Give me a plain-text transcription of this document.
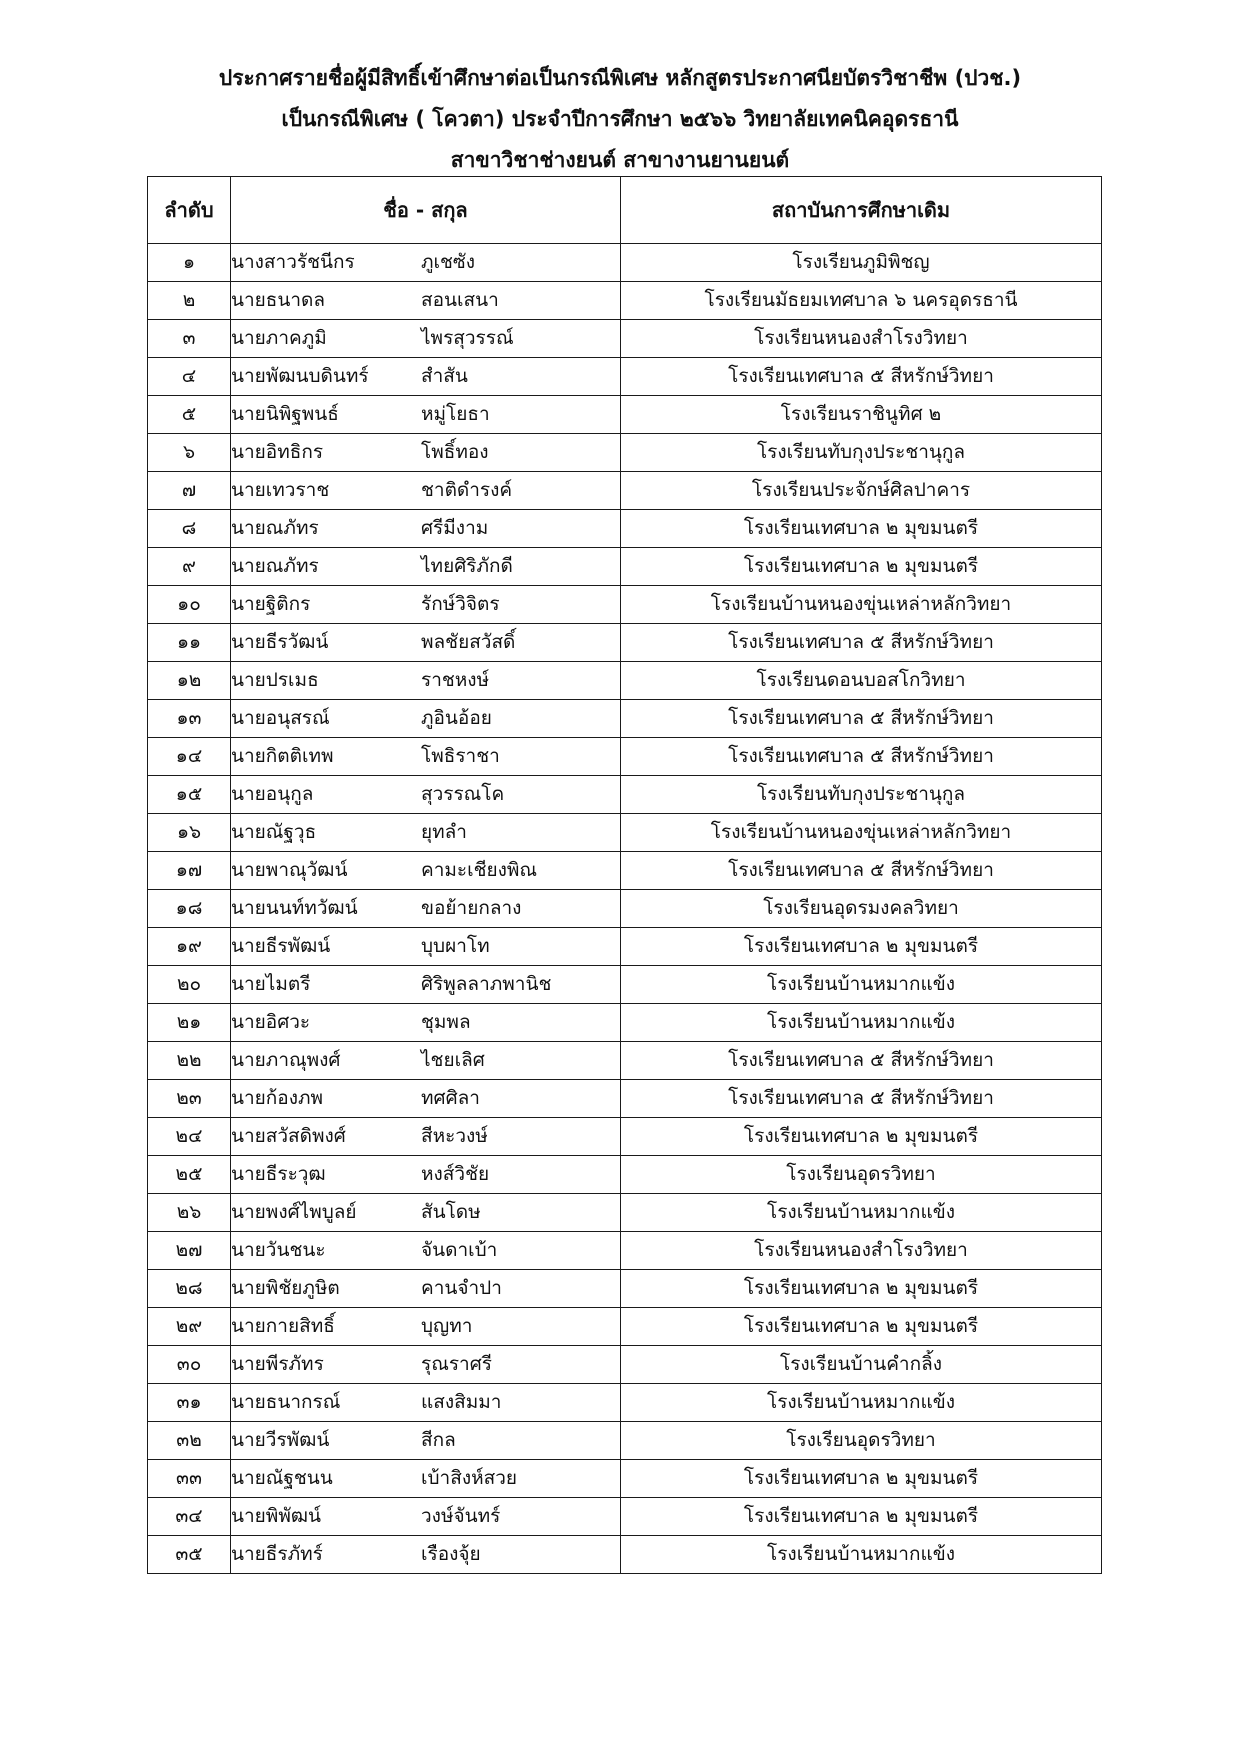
ประกาศรายชื่อผู้มีสิทธิ์เข้าศึกษาต่อเป็นกรณีพิเศษ หลักสูตรประกาศนียบัตรวิชาชีพ (ปวช.)
เป็นกรณีพิเศษ ( โควตา) ประจำปีการศึกษา ๒๕๖๖ วิทยาลัยเทคนิคอุดรธานี
สาขาวิชาช่างยนต์ สาขางานยานยนต์
ลำดับ	ชื่อ - สกุล	สถาบันการศึกษาเดิม
๑	นางสาวรัชนีกร ภูเชซัง	โรงเรียนภูมิพิชญ
๒	นายธนาดล สอนเสนา	โรงเรียนมัธยมเทศบาล ๖ นครอุดรธานี
๓	นายภาคภูมิ ไพรสุวรรณ์	โรงเรียนหนองสำโรงวิทยา
๔	นายพัฒนบดินทร์ สำสัน	โรงเรียนเทศบาล ๕ สีหรักษ์วิทยา
๕	นายนิพิฐพนธ์ หมู่โยธา	โรงเรียนราชินูทิศ ๒
๖	นายอิทธิกร โพธิ์ทอง	โรงเรียนทับกุงประชานุกูล
๗	นายเทวราช ชาติดำรงค์	โรงเรียนประจักษ์ศิลปาคาร
๘	นายณภัทร ศรีมีงาม	โรงเรียนเทศบาล ๒ มุขมนตรี
๙	นายณภัทร ไทยศิริภักดี	โรงเรียนเทศบาล ๒ มุขมนตรี
๑๐	นายฐิติกร รักษ์วิจิตร	โรงเรียนบ้านหนองขุ่นเหล่าหลักวิทยา
๑๑	นายธีรวัฒน์ พลชัยสวัสดิ์	โรงเรียนเทศบาล ๕ สีหรักษ์วิทยา
๑๒	นายปรเมธ ราชหงษ์	โรงเรียนดอนบอสโกวิทยา
๑๓	นายอนุสรณ์ ภูอินอ้อย	โรงเรียนเทศบาล ๕ สีหรักษ์วิทยา
๑๔	นายกิตติเทพ โพธิราชา	โรงเรียนเทศบาล ๕ สีหรักษ์วิทยา
๑๕	นายอนุกูล สุวรรณโค	โรงเรียนทับกุงประชานุกูล
๑๖	นายณัฐวุธ ยุทลำ	โรงเรียนบ้านหนองขุ่นเหล่าหลักวิทยา
๑๗	นายพาณุวัฒน์ คามะเชียงพิณ	โรงเรียนเทศบาล ๕ สีหรักษ์วิทยา
๑๘	นายนนท์ทวัฒน์ ขอย้ายกลาง	โรงเรียนอุดรมงคลวิทยา
๑๙	นายธีรพัฒน์ บุบผาโท	โรงเรียนเทศบาล ๒ มุขมนตรี
๒๐	นายไมตรี ศิริพูลลาภพานิช	โรงเรียนบ้านหมากแข้ง
๒๑	นายอิศวะ ชุมพล	โรงเรียนบ้านหมากแข้ง
๒๒	นายภาณุพงศ์ ไชยเลิศ	โรงเรียนเทศบาล ๕ สีหรักษ์วิทยา
๒๓	นายก้องภพ ทศศิลา	โรงเรียนเทศบาล ๕ สีหรักษ์วิทยา
๒๔	นายสวัสดิพงศ์ สีหะวงษ์	โรงเรียนเทศบาล ๒ มุขมนตรี
๒๕	นายธีระวุฒ หงส์วิชัย	โรงเรียนอุดรวิทยา
๒๖	นายพงศ์ไพบูลย์ สันโดษ	โรงเรียนบ้านหมากแข้ง
๒๗	นายวันชนะ จันดาเบ้า	โรงเรียนหนองสำโรงวิทยา
๒๘	นายพิชัยภูษิต คานจำปา	โรงเรียนเทศบาล ๒ มุขมนตรี
๒๙	นายกายสิทธิ์ บุญทา	โรงเรียนเทศบาล ๒ มุขมนตรี
๓๐	นายพีรภัทร รุณราศรี	โรงเรียนบ้านคำกลิ้ง
๓๑	นายธนากรณ์ แสงสิมมา	โรงเรียนบ้านหมากแข้ง
๓๒	นายวีรพัฒน์ สีกล	โรงเรียนอุดรวิทยา
๓๓	นายณัฐชนน เบ้าสิงห์สวย	โรงเรียนเทศบาล ๒ มุขมนตรี
๓๔	นายพิพัฒน์ วงษ์จันทร์	โรงเรียนเทศบาล ๒ มุขมนตรี
๓๕	นายธีรภัทร์ เรืองจุ้ย	โรงเรียนบ้านหมากแข้ง
